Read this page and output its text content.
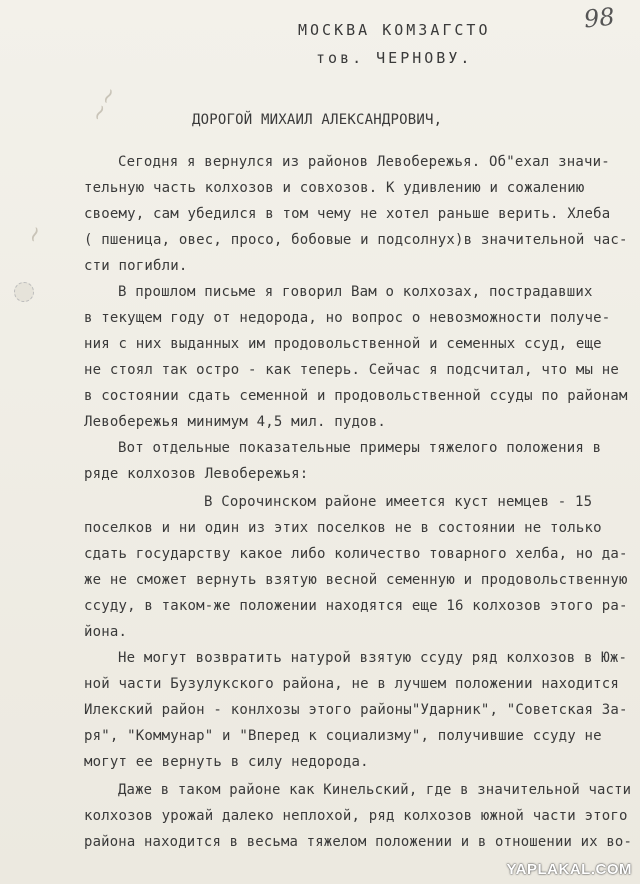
~~
~
98
МОСКВА КОМЗАГСТО
тов. ЧЕРНОВУ.
ДОРОГОЙ МИХАИЛ АЛЕКСАНДРОВИЧ,
Сегодня я вернулся из районов Левобережья. Об"ехал значи-
тельную часть колхозов и совхозов. К удивлению и сожалению
своему, сам убедился в том чему не хотел раньше верить. Хлеба
( пшеница, овес, просо, бобовые и подсолнух)в значительной час-
сти погибли.
В прошлом письме я говорил Вам о колхозах, пострадавших
в текущем году от недорода, но вопрос о невозможности получе-
ния с них выданных им продовольственной и семенных ссуд, еще
не стоял так остро - как теперь. Сейчас я подсчитал, что мы не
в состоянии сдать семенной и продовольственной ссуды по районам
Левобережья минимум 4,5 мил. пудов.
Вот отдельные показательные примеры тяжелого положения в
ряде колхозов Левобережья:
В Сорочинском районе имеется куст немцев - 15
поселков и ни один из этих поселков не в состоянии не только
сдать государству какое либо количество товарного хелба, но да-
же не сможет вернуть взятую весной семенную и продовольственную
ссуду, в таком-же положении находятся еще 16 колхозов этого ра-
йона.
Не могут возвратить натурой взятую ссуду ряд колхозов в Юж-
ной части Бузулукского района, не в лучшем положении находится
Илекский район - конлхозы этого районы"Ударник", "Советская За-
ря", "Коммунар" и "Вперед к социализму", получившие ссуду не
могут ее вернуть в силу недорода.
Даже в таком районе как Кинельский, где в значительной части
колхозов урожай далеко неплохой, ряд колхозов южной части этого
района находится в весьма тяжелом положении и в отношении их во-
YAPLAKAL.COM
